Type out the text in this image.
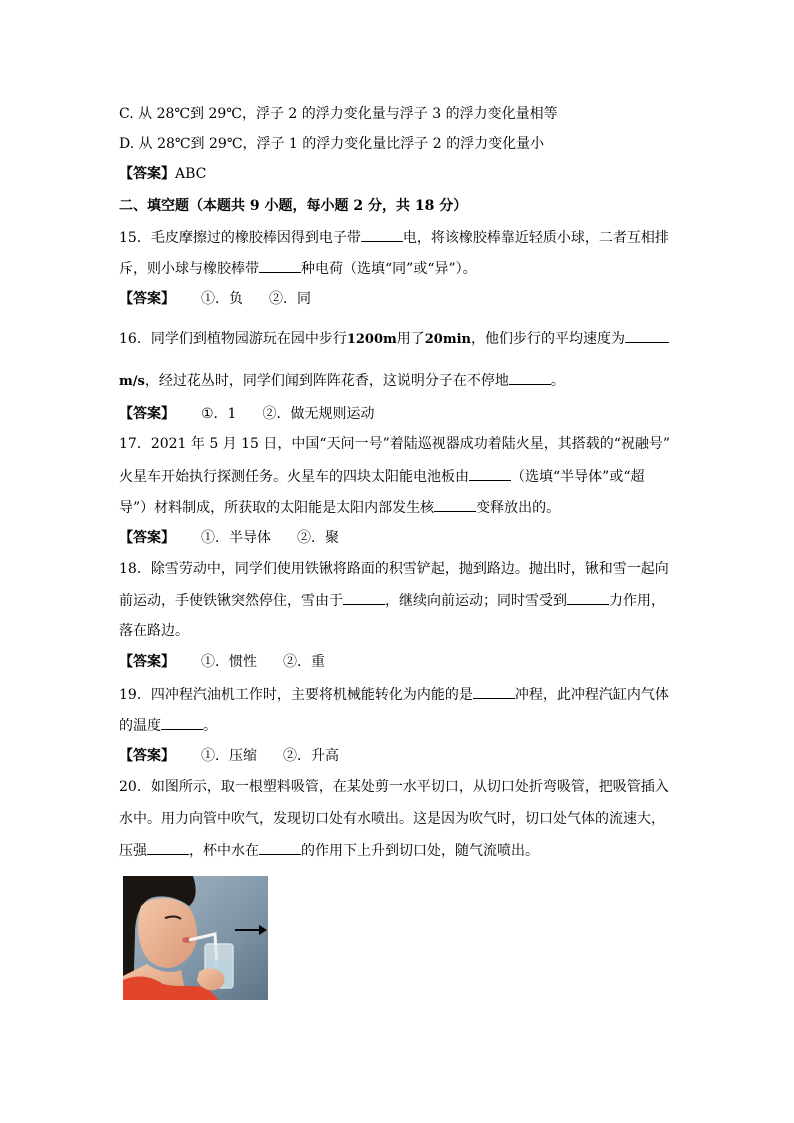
C. 从 28℃到 29℃，浮子 2 的浮力变化量与浮子 3 的浮力变化量相等
D. 从 28℃到 29℃，浮子 1 的浮力变化量比浮子 2 的浮力变化量小
【答案】ABC
二、填空题（本题共 9 小题，每小题 2 分，共 18 分）
15．毛皮摩擦过的橡胶棒因得到电子带	电，将该橡胶棒靠近轻质小球，二者互相排
斥，则小球与橡胶棒带	种电荷（选填“同”或“异”）。
【答案】 ①．负 ②．同
16．同学们到植物园游玩在园中步行1200m用了20min，他们步行的平均速度为
m/s，经过花丛时，同学们闻到阵阵花香，这说明分子在不停地	。
【答案】 ①．1 ②．做无规则运动
17．2021 年 5 月 15 日，中国“天问一号”着陆巡视器成功着陆火星，其搭载的“祝融号”
火星车开始执行探测任务。火星车的四块太阳能电池板由	（选填“半导体”或“超
导”）材料制成，所获取的太阳能是太阳内部发生核	变释放出的。
【答案】 ①．半导体 ②．聚
18．除雪劳动中，同学们使用铁锹将路面的积雪铲起，抛到路边。抛出时，锹和雪一起向
前运动，手使铁锹突然停住，雪由于	，继续向前运动；同时雪受到	力作用，
落在路边。
【答案】 ①．惯性 ②．重
19．四冲程汽油机工作时，主要将机械能转化为内能的是	冲程，此冲程汽缸内气体
的温度	。
【答案】 ①．压缩 ②．升高
20．如图所示，取一根塑料吸管，在某处剪一水平切口，从切口处折弯吸管，把吸管插入
水中。用力向管中吹气，发现切口处有水喷出。这是因为吹气时，切口处气体的流速大，
压强	，杯中水在	的作用下上升到切口处，随气流喷出。
